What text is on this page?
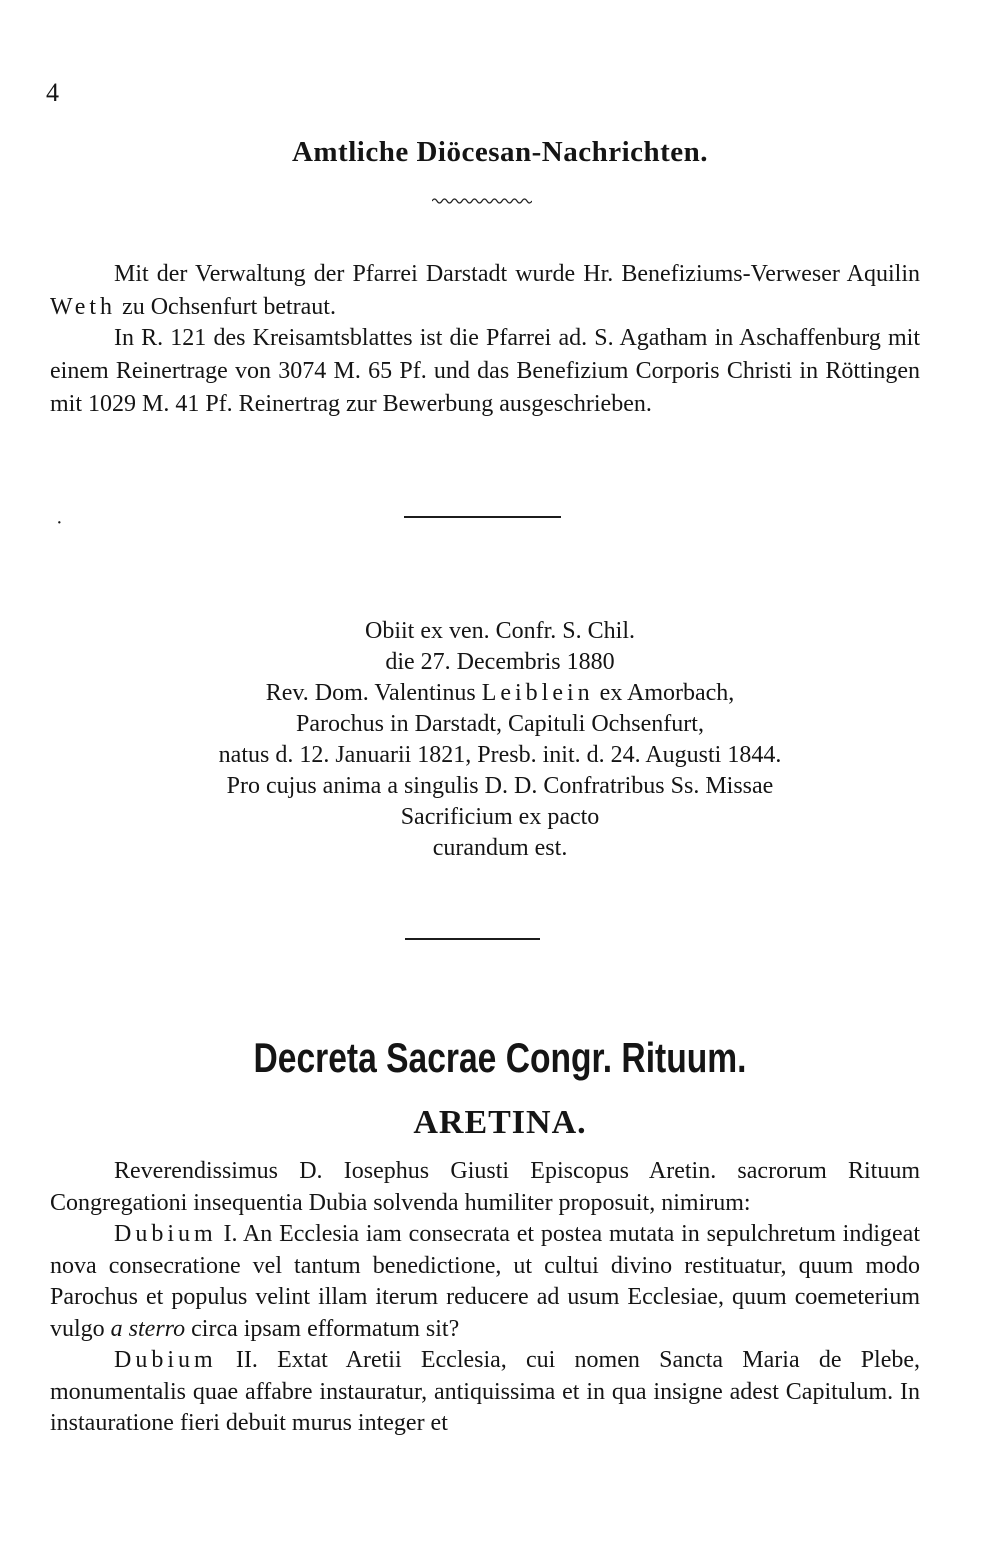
4
Amtliche Diöcesan-Nachrichten.
Mit der Verwaltung der Pfarrei Darstadt wurde Hr. Benefiziums-Verweser Aquilin Weth zu Ochsenfurt betraut.
In R. 121 des Kreisamtsblattes ist die Pfarrei ad. S. Agatham in Aschaffenburg mit einem Reinertrage von 3074 M. 65 Pf. und das Benefizium Corporis Christi in Röttingen mit 1029 M. 41 Pf. Reinertrag zur Bewerbung ausgeschrieben.
·
Obiit ex ven. Confr. S. Chil.
die 27. Decembris 1880
Rev. Dom. Valentinus Leiblein ex Amorbach,
Parochus in Darstadt, Capituli Ochsenfurt,
natus d. 12. Januarii 1821, Presb. init. d. 24. Augusti 1844.
Pro cujus anima a singulis D. D. Confratribus Ss. Missae
Sacrificium ex pacto
curandum est.
Decreta Sacrae Congr. Rituum.
ARETINA.

Reverendissimus D. Iosephus Giusti Episcopus Aretin. sacrorum Rituum Congregationi insequentia Dubia solvenda humiliter proposuit, nimirum:

Dubium I. An Ecclesia iam consecrata et postea mutata in sepulchretum indigeat nova consecratione vel tantum benedictione, ut cultui divino restituatur, quum modo Parochus et populus velint illam iterum reducere ad usum Ecclesiae, quum coemeterium vulgo a sterro circa ipsam efformatum sit?

Dubium II. Extat Aretii Ecclesia, cui nomen Sancta Maria de Plebe, monumentalis quae affabre instauratur, antiquissima et in qua insigne adest Capitulum. In instauratione fieri debuit murus integer et
